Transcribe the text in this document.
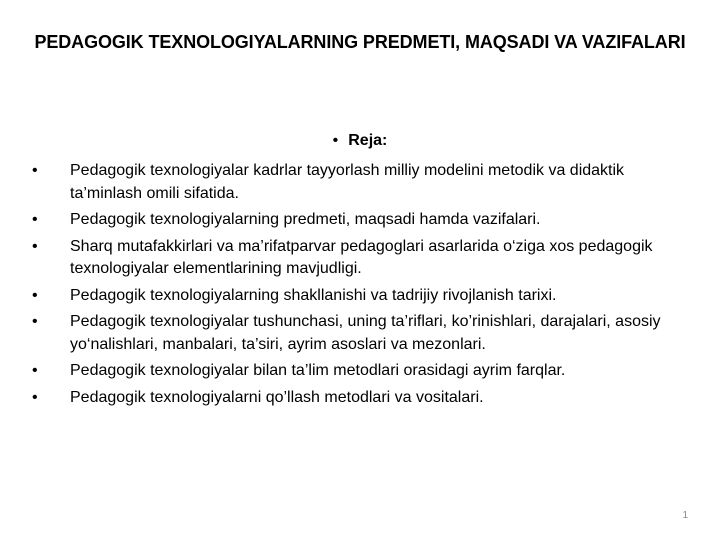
PEDAGOGIK TEXNOLOGIYALARNING PREDMETI, MAQSADI VA VAZIFALARI
• Reja:
• Pedagogik texnologiyalar kadrlar tayyorlash milliy modelini metodik va didaktik ta’minlash omili sifatida.
• Pedagogik texnologiyalarning predmeti, maqsadi hamda vazifalari.
• Sharq mutafakkirlari va ma’rifatparvar pedagoglari asarlarida o‘ziga xos pedagogik texnologiyalar elementlarining mavjudligi.
• Pedagogik texnologiyalarning shakllanishi va tadrijiy rivojlanish tarixi.
• Pedagogik texnologiyalar tushunchasi, uning ta’riflari, ko’rinishlari, darajalari, asosiy yo‘nalishlari, manbalari, ta’siri, ayrim asoslari va mezonlari.
• Pedagogik texnologiyalar bilan ta’lim metodlari orasidagi ayrim farqlar.
• Pedagogik texnologiyalarni qo’llash metodlari va vositalari.
1
